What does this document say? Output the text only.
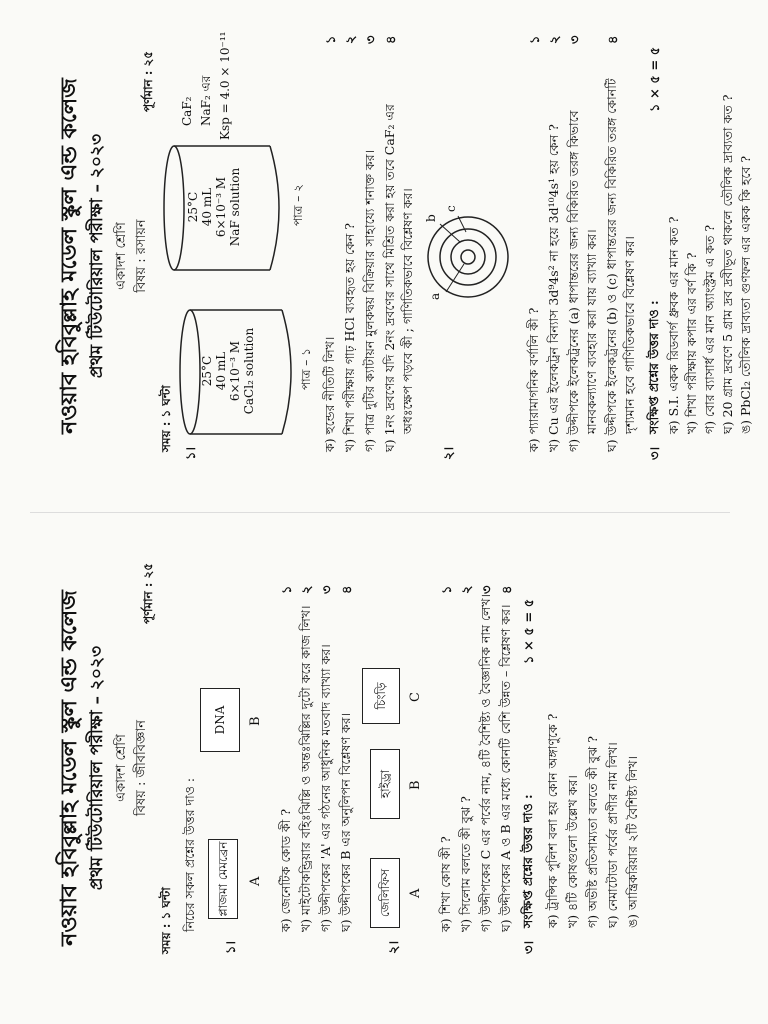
নওয়াব হবিবুল্লাহ মডেল স্কুল এন্ড কলেজ প্রথম টিউটোরিয়াল পরীক্ষা – ২০২৩ একাদশ শ্রেণি বিষয় : জীববিজ্ঞান
সময় : ১ ঘন্টা
পূর্ণমান : ২৫
নিচের সকল প্রশ্নের উত্তর দাও :
১।
প্লাজমা মেমব্রেন
DNA
A
B
ক) জেনেটিক কোড কী ? খ) মাইটোকন্ড্রিয়ার বহিঃঝিল্লি ও অন্তঃঝিল্লির দুটো করে কাজ লিখ। গ) উদ্দীপকের 'A' এর গঠনের আধুনিক মতবাদ ব্যাখ্যা কর। ঘ) উদ্দীপকের B এর অনুলিপন বিশ্লেষণ কর।
১ ২ ৩ ৪
২।
জেলিফিস
হাইড্রা
চিংড়ি
A
B
C
ক) শিখা কোষ কী ? খ) সিলোম বলতে কী বুঝ ? গ) উদ্দীপকের C এর পর্বের নাম, ৪টি বৈশিষ্ট্য ও বৈজ্ঞানিক নাম লেখ। ঘ) উদ্দীপকের A ও B এর মধ্যে কোনটি বেশি উন্নত – বিশ্লেষণ কর।
১ ২ ৩ ৪
৩।
সংক্ষিপ্ত প্রশ্নের উত্তর দাও :
১ × ৫ = ৫
ক) ট্রান্সিক পুলিশ বলা হয় কোন অঙ্গাণুকে ? খ) ৪টি কোষগুলো উল্লেখ কর। গ) অভীষ্ট প্রতিসাম্যতা বলতে কী বুঝ ? ঘ) নেমাটোডা পর্বের প্রাণীর নাম লিখ। ঙ) আন্ত্রিকরিয়ার ২টি বৈশিষ্ট্য লিখ।
নওয়াব হবিবুল্লাহ মডেল স্কুল এন্ড কলেজ প্রথম টিউটোরিয়াল পরীক্ষা – ২০২৩ একাদশ শ্রেণি বিষয় : রসায়ন
সময় : ১ ঘন্টা
পূর্ণমান : ২৫
১।
25°C 40 mL 6×10⁻³ M CaCl₂ solution	পাত্র – ১
25°C 40 mL 6×10⁻³ M NaF solution	পাত্র – ২
CaF₂ NaF₂ এর Ksp = 4.0 × 10⁻¹¹
ক) হুন্ডের নীতিটি লিখ। খ) শিখা পরীক্ষায় গাঢ় HCl ব্যবহৃত হয় কেন ? গ) পাত্র দুটির ক্যাটায়ন মুলকদ্বয় বিক্রিয়ার সাহায্যে শনাক্ত কর। ঘ) 1নং দ্রবণের যদি 2নং দ্রবণের সাথে মিশ্রিত করা হয় তবে CaF₂ এর অধঃক্ষেপ পড়বে কী ; গাণিতিকভাবে বিশ্লেষণ কর।
১ ২ ৩ ৪
২।
a
b
c
ক) প্যারামাগনিক বর্ণালি কী ? খ) Cu এর ইলেকট্রন বিন্যাস 3d⁹4s² না হয়ে 3d¹⁰4s¹ হয় কেন ? গ) উদ্দীপকে ইলেকট্রনের (a) ধাপান্তরের জন্য বিকিরিত তরঙ্গ কিভাবে মানবকল্যাণে ব্যবহার করা যায় ব্যাখ্যা কর। ঘ) উদ্দীপকে ইলেকট্রনের (b) ও (c) ধাপান্তরের জন্য বিকিরিত তরঙ্গ কোনটি দৃশ্যমান হবে গাণিতিকভাবে বিশ্লেষণ কর।
১ ২ ৩	৪
৩।
সংক্ষিপ্ত প্রশ্নের উত্তর দাও :
১ × ৫ = ৫
ক) S.I. একক রিডবার্গ ধ্রুবক এর মান কত ? খ) শিখা পরীক্ষায় কপার এর বর্ণ কি ? গ) বোর ব্যাসার্ধ এর মান অ্যাংস্ট্রম এ কত ? ঘ) 20 গ্রাম দ্রবণে 5 গ্রাম দ্রব দ্রবীভূত থাকলে তৌলিক দ্রাব্যতা কত ? ঙ) PbCl₂ তৌলিক দ্রাব্যতা গুণফল এর একক কি হবে ?
